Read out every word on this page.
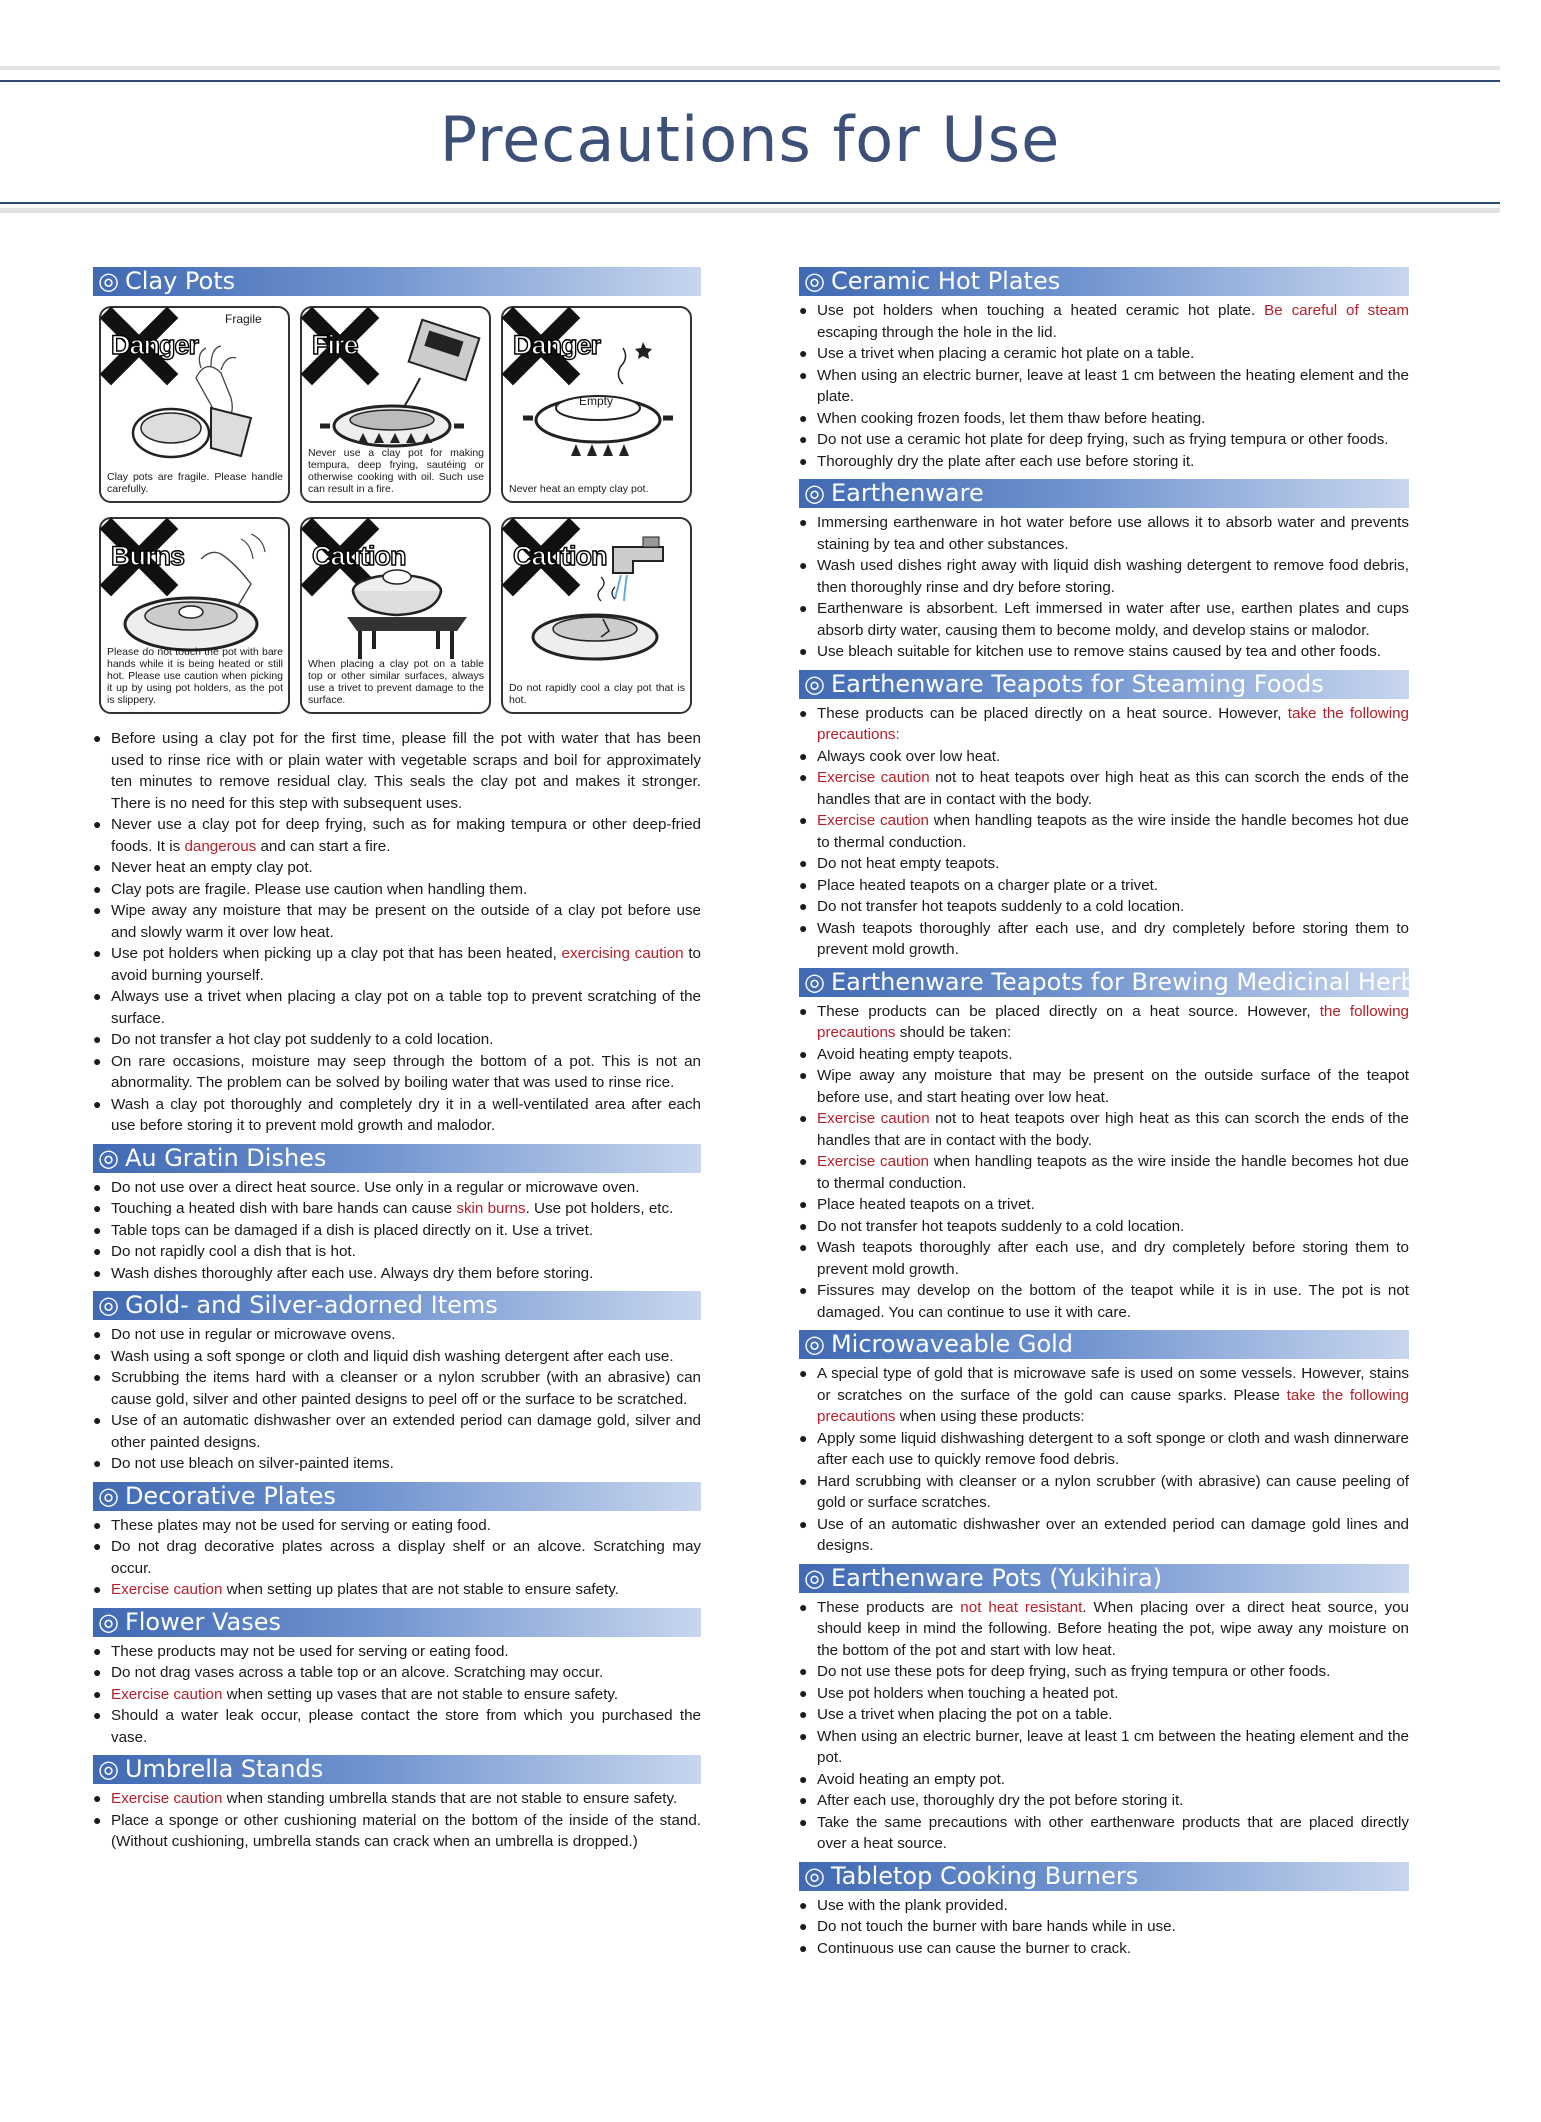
Precautions for Use
◎ Clay Pots
Danger
Fragile
Clay pots are fragile. Please handle carefully.
Fire
Never use a clay pot for making tempura, deep frying, sautéing or otherwise cooking with oil. Such use can result in a fire.
Danger
Empty
Never heat an empty clay pot.
Burns
Please do not touch the pot with bare hands while it is being heated or still hot. Please use caution when picking it up by using pot holders, as the pot is slippery.
Caution
When placing a clay pot on a table top or other similar surfaces, always use a trivet to prevent damage to the surface.
Caution
Do not rapidly cool a clay pot that is hot.
● Before using a clay pot for the first time, please fill the pot with water that has been used to rinse rice with or plain water with vegetable scraps and boil for approximately ten minutes to remove residual clay. This seals the clay pot and makes it stronger. There is no need for this step with subsequent uses.
● Never use a clay pot for deep frying, such as for making tempura or other deep-fried foods. It is dangerous and can start a fire.
● Never heat an empty clay pot.
● Clay pots are fragile. Please use caution when handling them.
● Wipe away any moisture that may be present on the outside of a clay pot before use and slowly warm it over low heat.
● Use pot holders when picking up a clay pot that has been heated, exercising caution to avoid burning yourself.
● Always use a trivet when placing a clay pot on a table top to prevent scratching of the surface.
● Do not transfer a hot clay pot suddenly to a cold location.
● On rare occasions, moisture may seep through the bottom of a pot. This is not an abnormality. The problem can be solved by boiling water that was used to rinse rice.
● Wash a clay pot thoroughly and completely dry it in a well-ventilated area after each use before storing it to prevent mold growth and malodor.
◎ Au Gratin Dishes
● Do not use over a direct heat source. Use only in a regular or microwave oven.
● Touching a heated dish with bare hands can cause skin burns. Use pot holders, etc.
● Table tops can be damaged if a dish is placed directly on it. Use a trivet.
● Do not rapidly cool a dish that is hot.
● Wash dishes thoroughly after each use. Always dry them before storing.
◎ Gold- and Silver-adorned Items
● Do not use in regular or microwave ovens.
● Wash using a soft sponge or cloth and liquid dish washing detergent after each use.
● Scrubbing the items hard with a cleanser or a nylon scrubber (with an abrasive) can cause gold, silver and other painted designs to peel off or the surface to be scratched.
● Use of an automatic dishwasher over an extended period can damage gold, silver and other painted designs.
● Do not use bleach on silver-painted items.
◎ Decorative Plates
● These plates may not be used for serving or eating food.
● Do not drag decorative plates across a display shelf or an alcove. Scratching may occur.
● Exercise caution when setting up plates that are not stable to ensure safety.
◎ Flower Vases
● These products may not be used for serving or eating food.
● Do not drag vases across a table top or an alcove. Scratching may occur.
● Exercise caution when setting up vases that are not stable to ensure safety.
● Should a water leak occur, please contact the store from which you purchased the vase.
◎ Umbrella Stands
● Exercise caution when standing umbrella stands that are not stable to ensure safety.
● Place a sponge or other cushioning material on the bottom of the inside of the stand. (Without cushioning, umbrella stands can crack when an umbrella is dropped.)
◎ Ceramic Hot Plates
● Use pot holders when touching a heated ceramic hot plate. Be careful of steam escaping through the hole in the lid.
● Use a trivet when placing a ceramic hot plate on a table.
● When using an electric burner, leave at least 1 cm between the heating element and the plate.
● When cooking frozen foods, let them thaw before heating.
● Do not use a ceramic hot plate for deep frying, such as frying tempura or other foods.
● Thoroughly dry the plate after each use before storing it.
◎ Earthenware
● Immersing earthenware in hot water before use allows it to absorb water and prevents staining by tea and other substances.
● Wash used dishes right away with liquid dish washing detergent to remove food debris, then thoroughly rinse and dry before storing.
● Earthenware is absorbent. Left immersed in water after use, earthen plates and cups absorb dirty water, causing them to become moldy, and develop stains or malodor.
● Use bleach suitable for kitchen use to remove stains caused by tea and other foods.
◎ Earthenware Teapots for Steaming Foods
● These products can be placed directly on a heat source. However, take the following precautions:
● Always cook over low heat.
● Exercise caution not to heat teapots over high heat as this can scorch the ends of the handles that are in contact with the body.
● Exercise caution when handling teapots as the wire inside the handle becomes hot due to thermal conduction.
● Do not heat empty teapots.
● Place heated teapots on a charger plate or a trivet.
● Do not transfer hot teapots suddenly to a cold location.
● Wash teapots thoroughly after each use, and dry completely before storing them to prevent mold growth.
◎ Earthenware Teapots for Brewing Medicinal Herbs and Teas
● These products can be placed directly on a heat source. However, the following precautions should be taken:
● Avoid heating empty teapots.
● Wipe away any moisture that may be present on the outside surface of the teapot before use, and start heating over low heat.
● Exercise caution not to heat teapots over high heat as this can scorch the ends of the handles that are in contact with the body.
● Exercise caution when handling teapots as the wire inside the handle becomes hot due to thermal conduction.
● Place heated teapots on a trivet.
● Do not transfer hot teapots suddenly to a cold location.
● Wash teapots thoroughly after each use, and dry completely before storing them to prevent mold growth.
● Fissures may develop on the bottom of the teapot while it is in use. The pot is not damaged. You can continue to use it with care.
◎ Microwaveable Gold
● A special type of gold that is microwave safe is used on some vessels. However, stains or scratches on the surface of the gold can cause sparks. Please take the following precautions when using these products:
● Apply some liquid dishwashing detergent to a soft sponge or cloth and wash dinnerware after each use to quickly remove food debris.
● Hard scrubbing with cleanser or a nylon scrubber (with abrasive) can cause peeling of gold or surface scratches.
● Use of an automatic dishwasher over an extended period can damage gold lines and designs.
◎ Earthenware Pots (Yukihira)
● These products are not heat resistant. When placing over a direct heat source, you should keep in mind the following. Before heating the pot, wipe away any moisture on the bottom of the pot and start with low heat.
● Do not use these pots for deep frying, such as frying tempura or other foods.
● Use pot holders when touching a heated pot.
● Use a trivet when placing the pot on a table.
● When using an electric burner, leave at least 1 cm between the heating element and the pot.
● Avoid heating an empty pot.
● After each use, thoroughly dry the pot before storing it.
● Take the same precautions with other earthenware products that are placed directly over a heat source.
◎ Tabletop Cooking Burners
● Use with the plank provided.
● Do not touch the burner with bare hands while in use.
● Continuous use can cause the burner to crack.
